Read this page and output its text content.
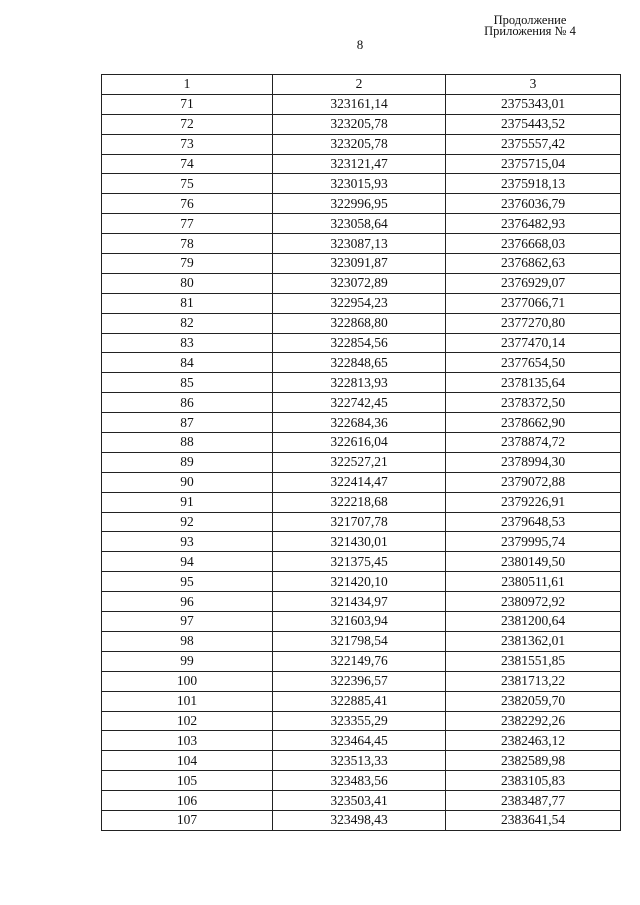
Продолжение
Приложения № 4
8
1	2	3
71	323161,14	2375343,01
72	323205,78	2375443,52
73	323205,78	2375557,42
74	323121,47	2375715,04
75	323015,93	2375918,13
76	322996,95	2376036,79
77	323058,64	2376482,93
78	323087,13	2376668,03
79	323091,87	2376862,63
80	323072,89	2376929,07
81	322954,23	2377066,71
82	322868,80	2377270,80
83	322854,56	2377470,14
84	322848,65	2377654,50
85	322813,93	2378135,64
86	322742,45	2378372,50
87	322684,36	2378662,90
88	322616,04	2378874,72
89	322527,21	2378994,30
90	322414,47	2379072,88
91	322218,68	2379226,91
92	321707,78	2379648,53
93	321430,01	2379995,74
94	321375,45	2380149,50
95	321420,10	2380511,61
96	321434,97	2380972,92
97	321603,94	2381200,64
98	321798,54	2381362,01
99	322149,76	2381551,85
100	322396,57	2381713,22
101	322885,41	2382059,70
102	323355,29	2382292,26
103	323464,45	2382463,12
104	323513,33	2382589,98
105	323483,56	2383105,83
106	323503,41	2383487,77
107	323498,43	2383641,54
